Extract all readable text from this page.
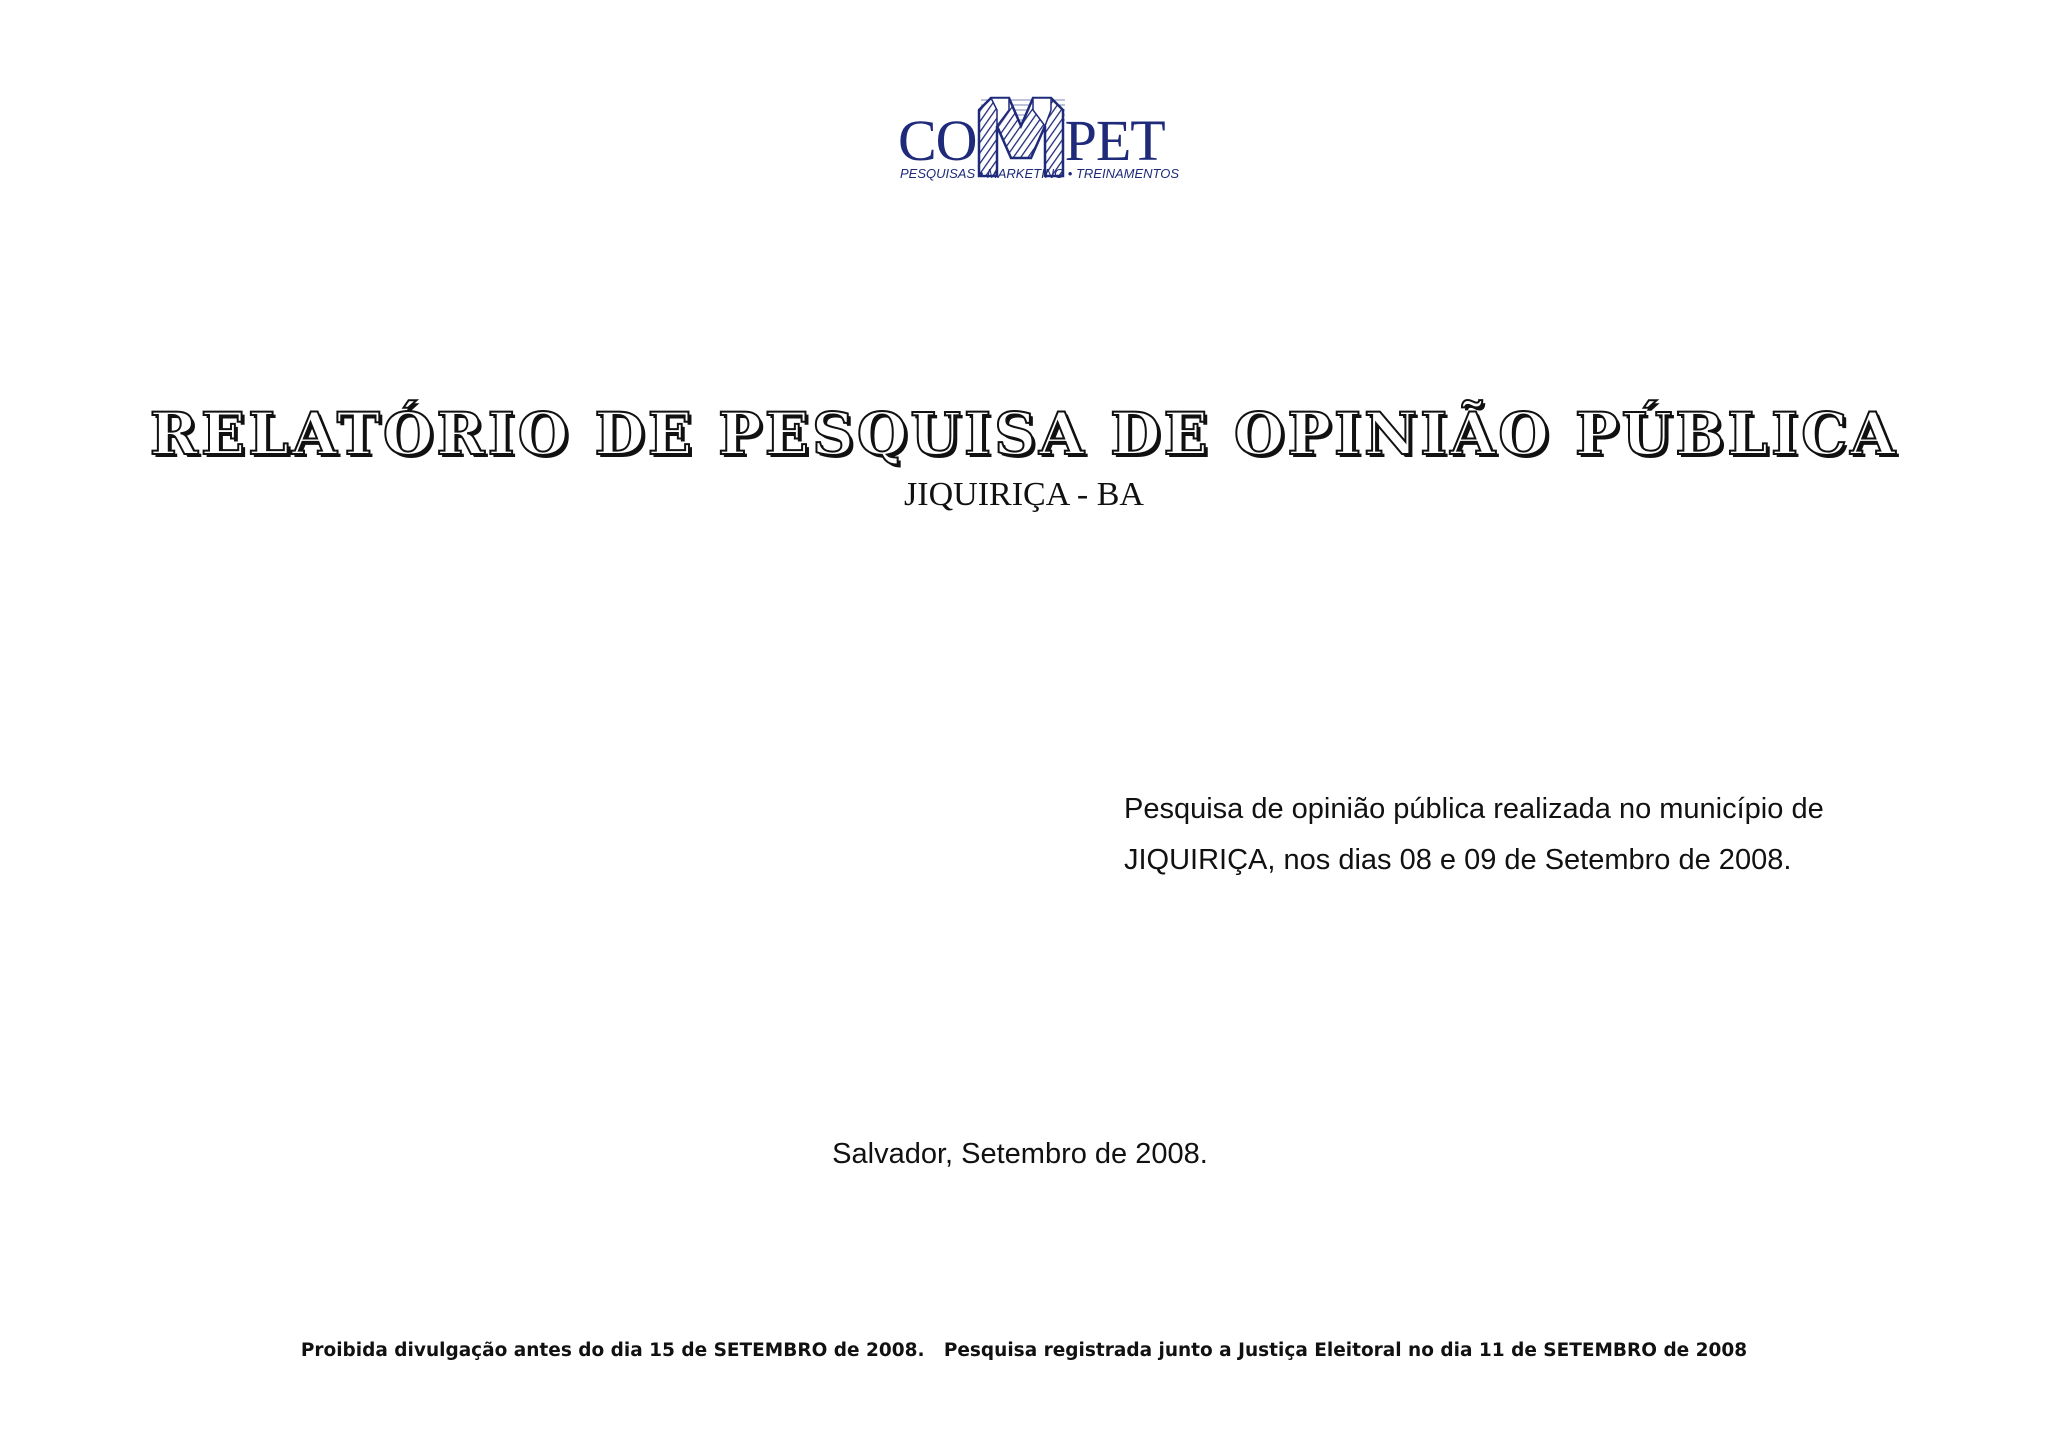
CO PET
PESQUISAS • MARKETING • TREINAMENTOS
RELATÓRIO DE PESQUISA DE OPINIÃO PÚBLICA
JIQUIRIÇA - BA
Pesquisa de opinião pública realizada no município de
JIQUIRIÇA, nos dias 08 e 09 de Setembro de 2008.
Salvador, Setembro de 2008.
Proibida divulgação antes do dia 15 de SETEMBRO de 2008. Pesquisa registrada junto a Justiça Eleitoral no dia 11 de SETEMBRO de 2008
